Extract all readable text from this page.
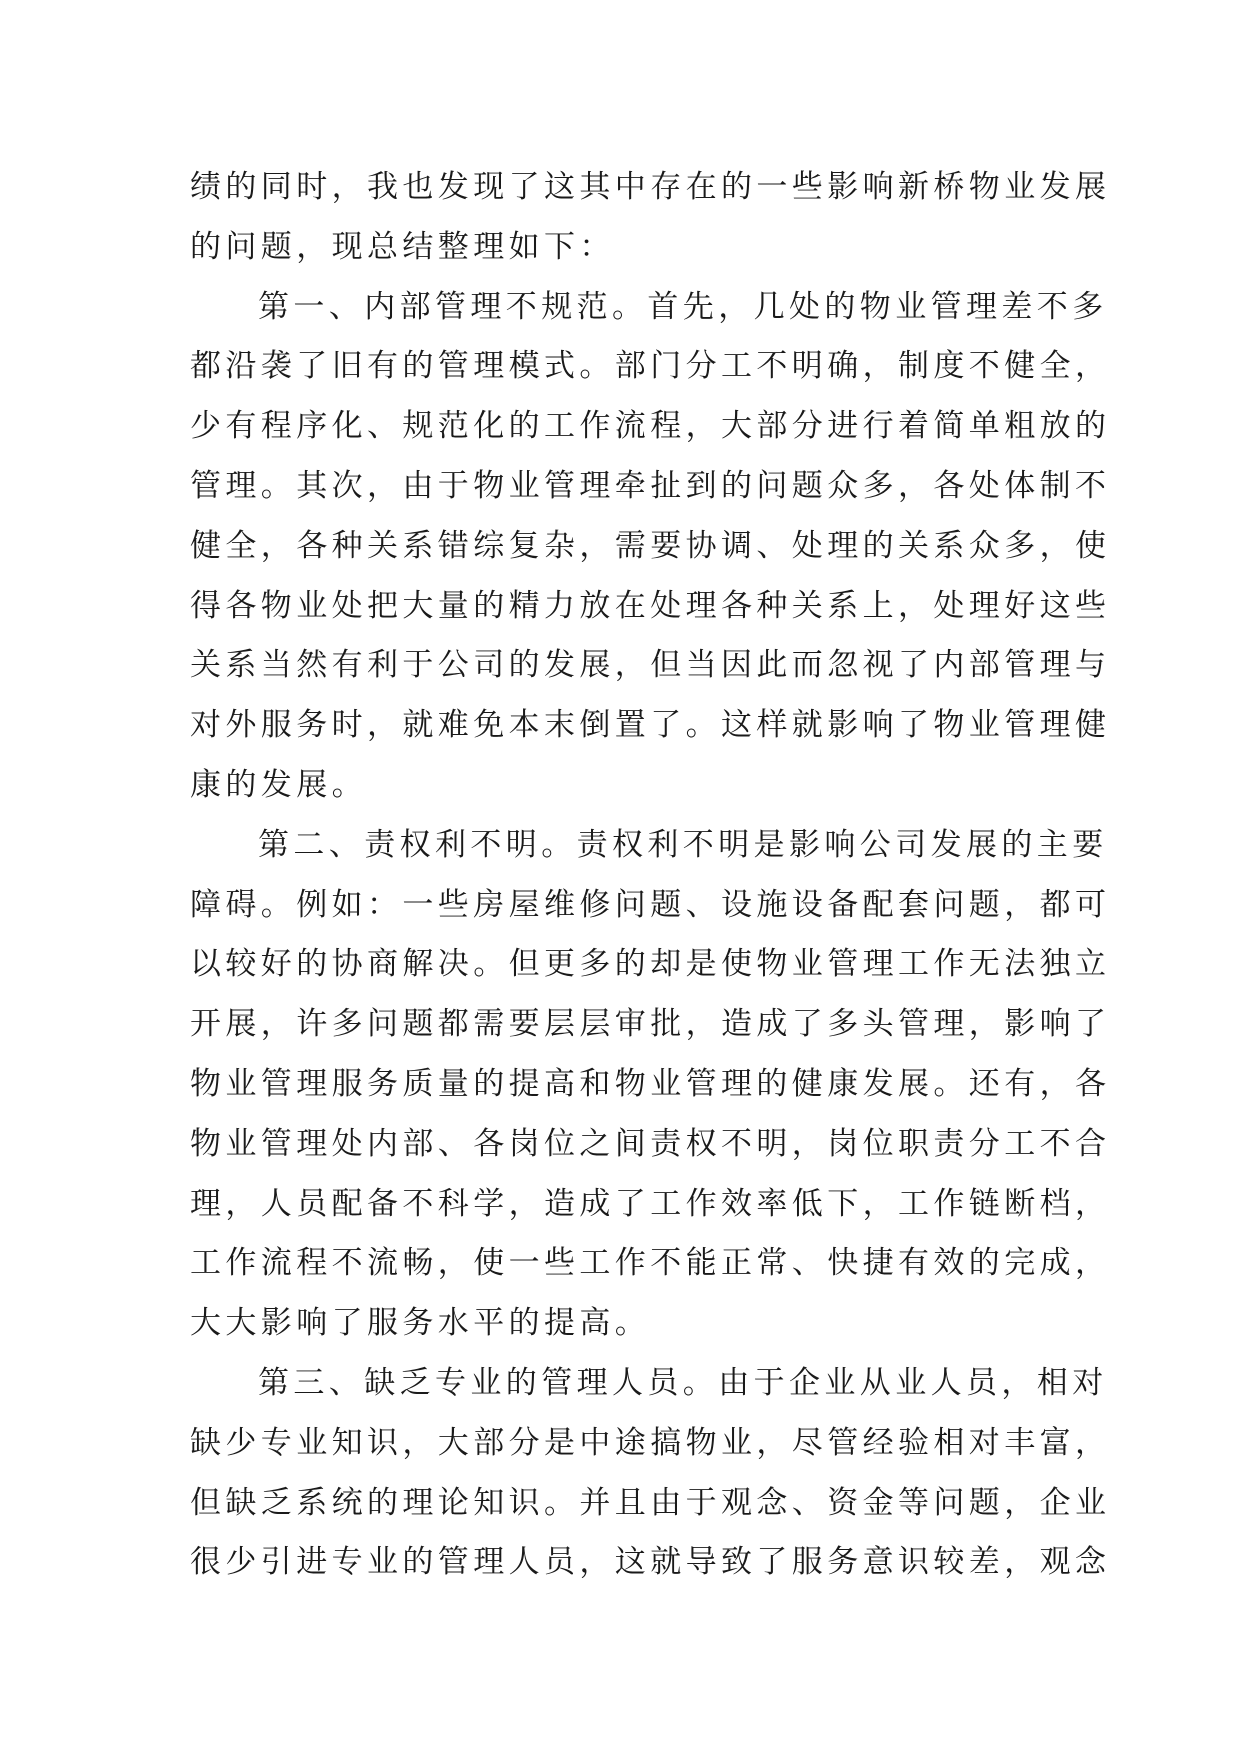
绩的同时，我也发现了这其中存在的一些影响新桥物业发展
的问题，现总结整理如下：
第一、内部管理不规范。首先，几处的物业管理差不多
都沿袭了旧有的管理模式。部门分工不明确，制度不健全，
少有程序化、规范化的工作流程，大部分进行着简单粗放的
管理。其次，由于物业管理牵扯到的问题众多，各处体制不
健全，各种关系错综复杂，需要协调、处理的关系众多，使
得各物业处把大量的精力放在处理各种关系上，处理好这些
关系当然有利于公司的发展，但当因此而忽视了内部管理与
对外服务时，就难免本末倒置了。这样就影响了物业管理健
康的发展。
第二、责权利不明。责权利不明是影响公司发展的主要
障碍。例如：一些房屋维修问题、设施设备配套问题，都可
以较好的协商解决。但更多的却是使物业管理工作无法独立
开展，许多问题都需要层层审批，造成了多头管理，影响了
物业管理服务质量的提高和物业管理的健康发展。还有，各
物业管理处内部、各岗位之间责权不明，岗位职责分工不合
理，人员配备不科学，造成了工作效率低下，工作链断档，
工作流程不流畅，使一些工作不能正常、快捷有效的完成，
大大影响了服务水平的提高。
第三、缺乏专业的管理人员。由于企业从业人员，相对
缺少专业知识，大部分是中途搞物业，尽管经验相对丰富，
但缺乏系统的理论知识。并且由于观念、资金等问题，企业
很少引进专业的管理人员，这就导致了服务意识较差，观念
